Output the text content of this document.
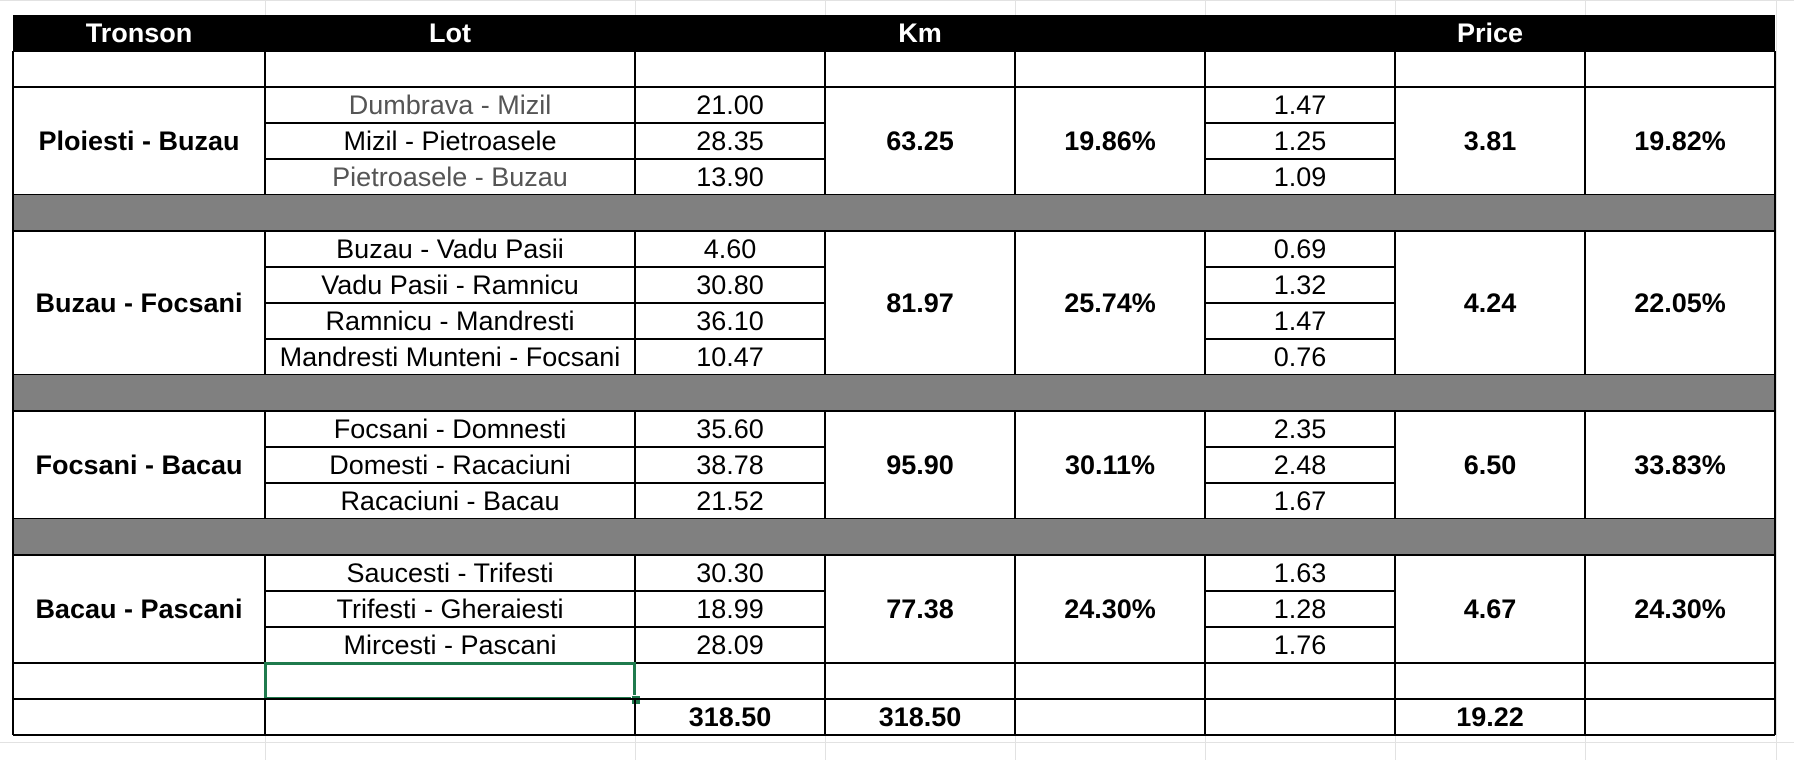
Tronson	Lot	Km	Price
Ploiesti - Buzau	63.25	19.86%	3.81	19.82%
Dumbrava - Mizil	21.00	1.47
Mizil - Pietroasele	28.35	1.25
Pietroasele - Buzau	13.90	1.09
Buzau - Focsani	81.97	25.74%	4.24	22.05%
Buzau - Vadu Pasii	4.60	0.69
Vadu Pasii - Ramnicu	30.80	1.32
Ramnicu - Mandresti	36.10	1.47
Mandresti Munteni - Focsani	10.47	0.76
Focsani - Bacau	95.90	30.11%	6.50	33.83%
Focsani - Domnesti	35.60	2.35
Domesti - Racaciuni	38.78	2.48
Racaciuni - Bacau	21.52	1.67
Bacau - Pascani	77.38	24.30%	4.67	24.30%
Saucesti - Trifesti	30.30	1.63
Trifesti - Gheraiesti	18.99	1.28
Mircesti - Pascani	28.09	1.76
318.50	318.50	19.22
